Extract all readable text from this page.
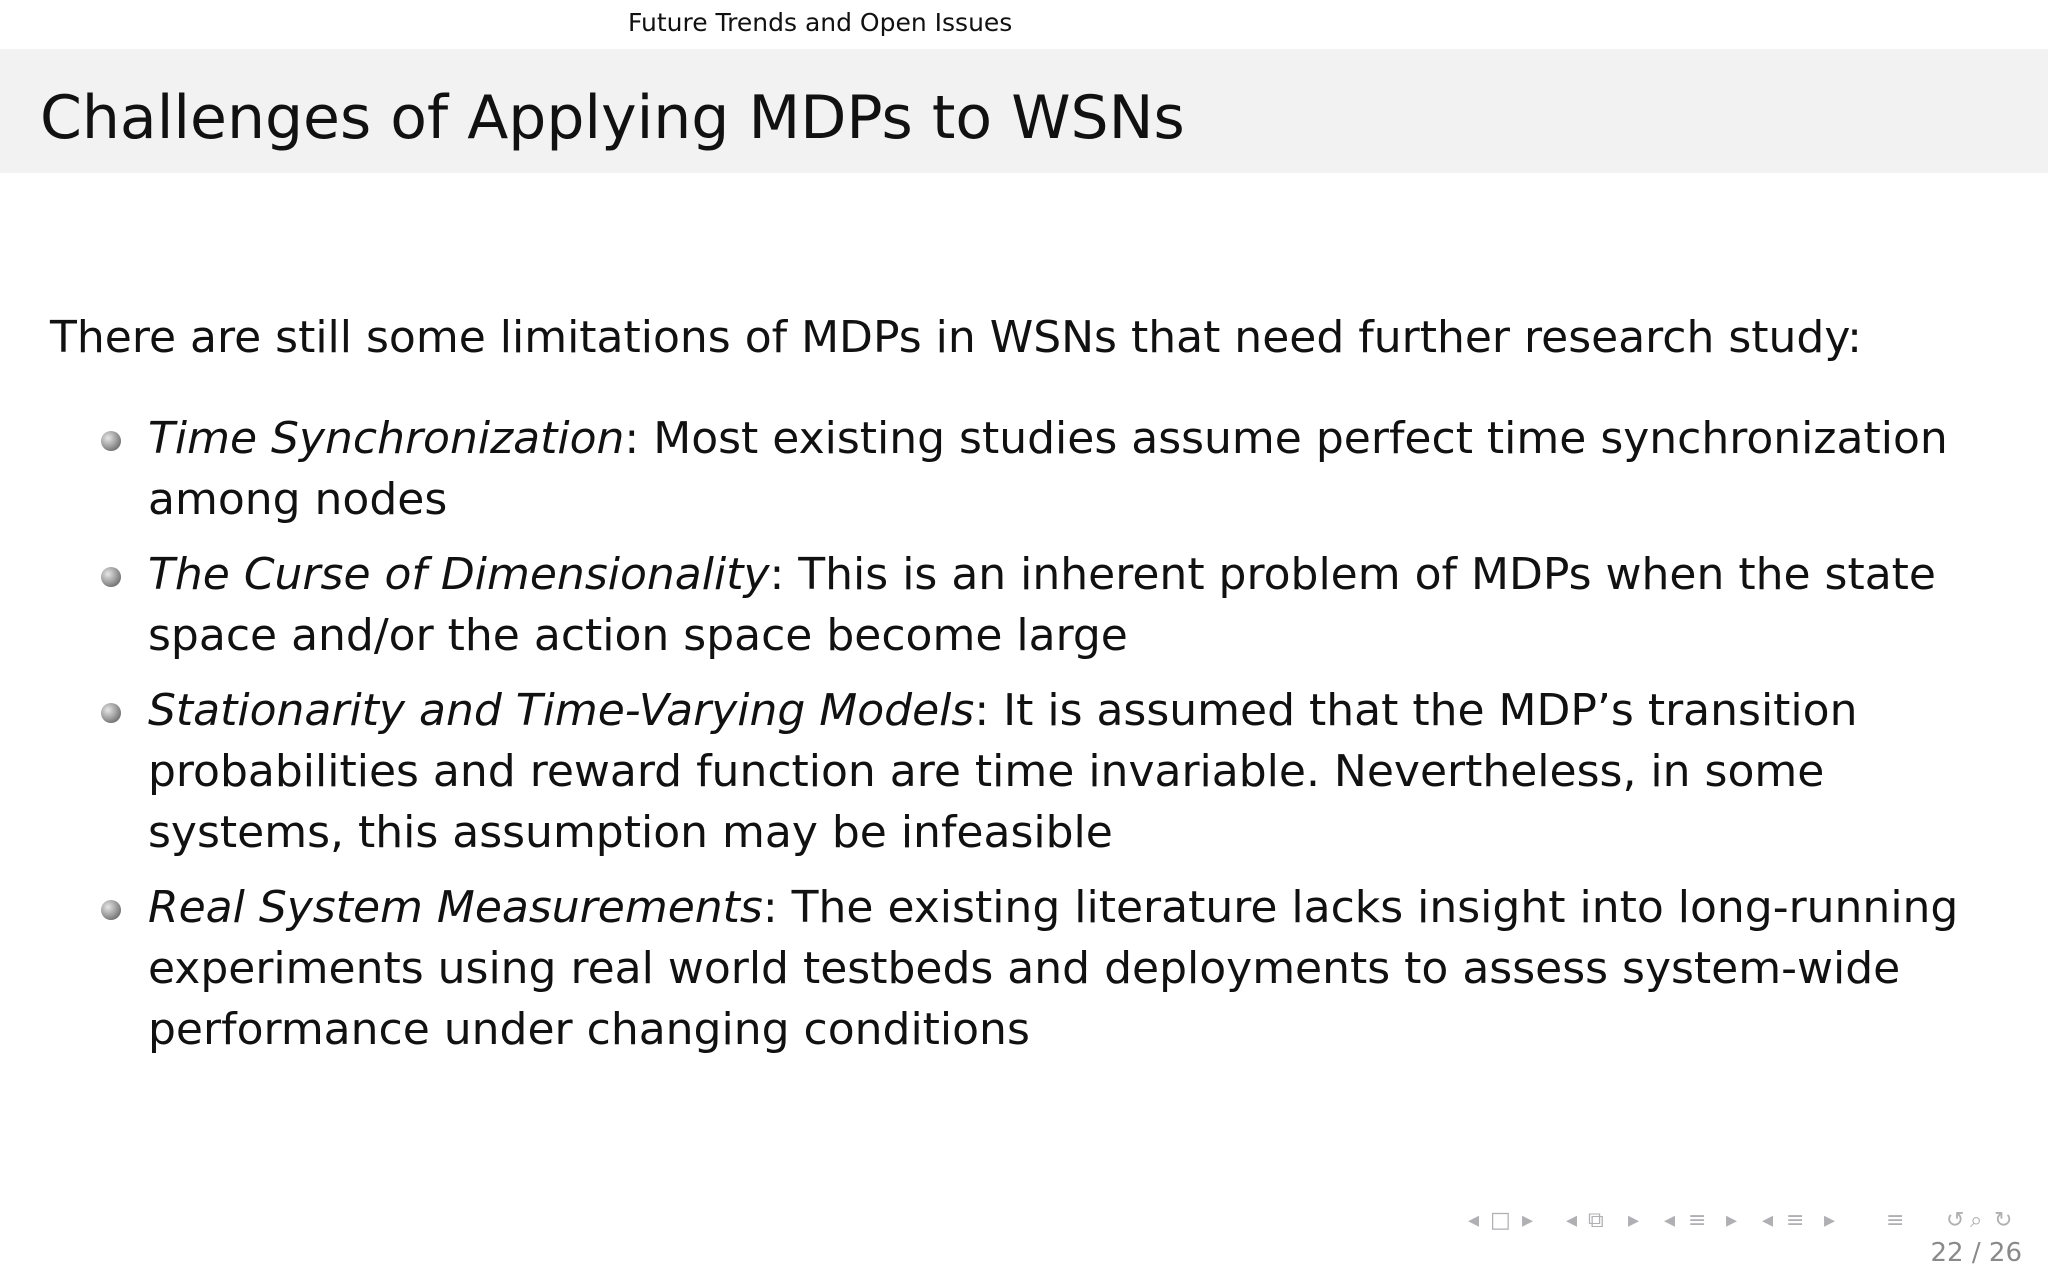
Future Trends and Open Issues
Challenges of Applying MDPs to WSNs

There are still some limitations of MDPs in WSNs that need further research study:

Time Synchronization: Most existing studies assume perfect time synchronization among nodes
The Curse of Dimensionality: This is an inherent problem of MDPs when the state space and/or the action space become large
Stationarity and Time-Varying Models: It is assumed that the MDP’s transition probabilities and reward function are time invariable. Nevertheless, in some systems, this assumption may be infeasible
Real System Measurements: The existing literature lacks insight into long-running experiments using real world testbeds and deployments to assess system-wide performance under changing conditions
◂ □ ▸ ◂ ⧉ ▸ ◂ ≡ ▸ ◂ ≡ ▸ ≡ ↺ ⌕ ↻
22 / 26
